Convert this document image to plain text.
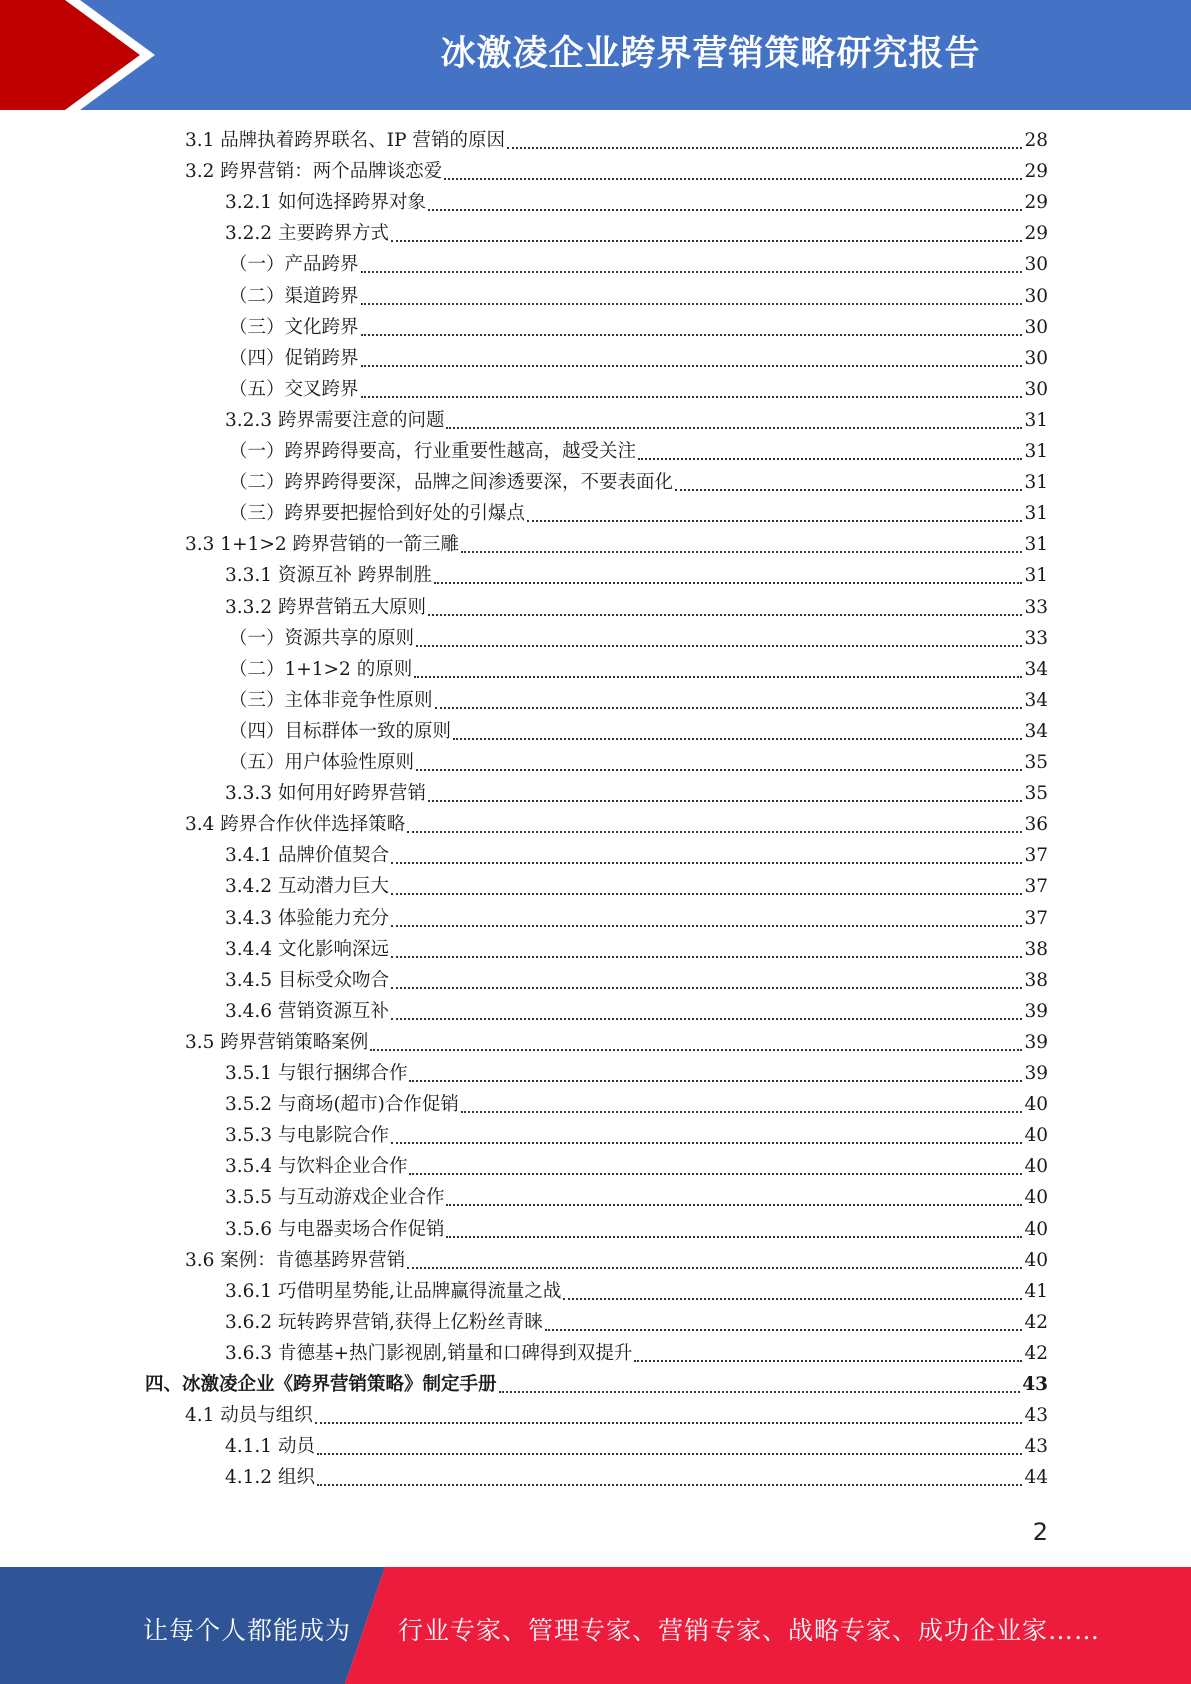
冰激凌企业跨界营销策略研究报告
3.1 品牌执着跨界联名、IP 营销的原因	28
3.2 跨界营销：两个品牌谈恋爱	29
3.2.1 如何选择跨界对象	29
3.2.2 主要跨界方式	29
（一）产品跨界	30
（二）渠道跨界	30
（三）文化跨界	30
（四）促销跨界	30
（五）交叉跨界	30
3.2.3 跨界需要注意的问题	31
（一）跨界跨得要高，行业重要性越高，越受关注	31
（二）跨界跨得要深，品牌之间渗透要深，不要表面化	31
（三）跨界要把握恰到好处的引爆点	31
3.3 1+1>2 跨界营销的一箭三雕	31
3.3.1 资源互补 跨界制胜	31
3.3.2 跨界营销五大原则	33
（一）资源共享的原则	33
（二）1+1>2 的原则	34
（三）主体非竞争性原则	34
（四）目标群体一致的原则	34
（五）用户体验性原则	35
3.3.3 如何用好跨界营销	35
3.4 跨界合作伙伴选择策略	36
3.4.1 品牌价值契合	37
3.4.2 互动潜力巨大	37
3.4.3 体验能力充分	37
3.4.4 文化影响深远	38
3.4.5 目标受众吻合	38
3.4.6 营销资源互补	39
3.5 跨界营销策略案例	39
3.5.1 与银行捆绑合作	39
3.5.2 与商场(超市)合作促销	40
3.5.3 与电影院合作	40
3.5.4 与饮料企业合作	40
3.5.5 与互动游戏企业合作	40
3.5.6 与电器卖场合作促销	40
3.6 案例：肯德基跨界营销	40
3.6.1 巧借明星势能,让品牌赢得流量之战	41
3.6.2 玩转跨界营销,获得上亿粉丝青睐	42
3.6.3 肯德基+热门影视剧,销量和口碑得到双提升	42
四、冰激凌企业《跨界营销策略》制定手册	43
4.1 动员与组织	43
4.1.1 动员	43
4.1.2 组织	44
2
让每个人都能成为 行业专家、管理专家、营销专家、战略专家、成功企业家……
